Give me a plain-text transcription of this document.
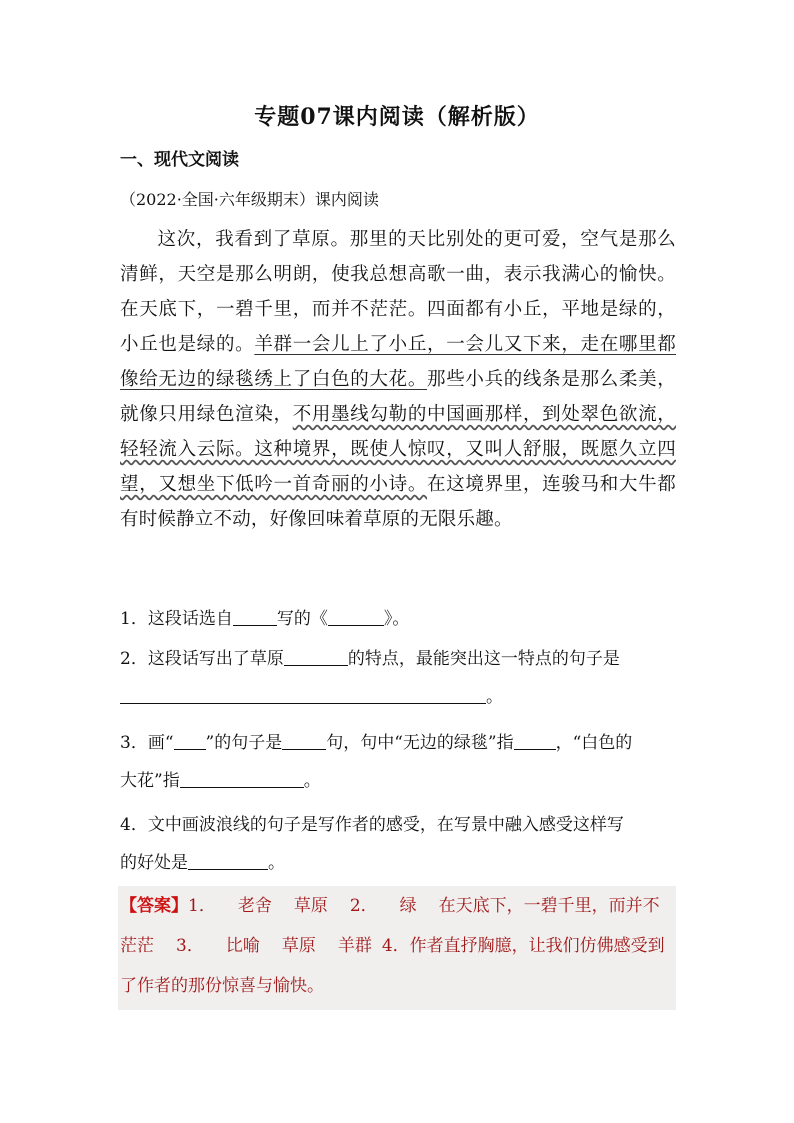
专题07课内阅读（解析版）
一、现代文阅读
（2022·全国·六年级期末）课内阅读
这次，我看到了草原。那里的天比别处的更可爱，空气是那么清鲜，天空是那么明朗，使我总想高歌一曲，表示我满心的愉快。在天底下，一碧千里，而并不茫茫。四面都有小丘，平地是绿的，小丘也是绿的。羊群一会儿上了小丘，一会儿又下来，走在哪里都像给无边的绿毯绣上了白色的大花。那些小兵的线条是那么柔美，就像只用绿色渲染，不用墨线勾勒的中国画那样，到处翠色欲流，轻轻流入云际。这种境界，既使人惊叹，又叫人舒服，既愿久立四望，又想坐下低吟一首奇丽的小诗。在这境界里，连骏马和大牛都有时候静立不动，好像回味着草原的无限乐趣。
1．这段话选自	写的《	》。
2．这段话写出了草原	的特点，最能突出这一特点的句子是
。
3．画“ ”的句子是	句，句中“无边的绿毯”指 ，“白色的
大花”指	。
4．文中画波浪线的句子是写作者的感受，在写景中融入感受这样写
的好处是	。
【答案】1． 老舍 草原 2． 绿 在天底下，一碧千里，而并不茫茫 3． 比喻 草原 羊群 4．作者直抒胸臆，让我们仿佛感受到了作者的那份惊喜与愉快。
